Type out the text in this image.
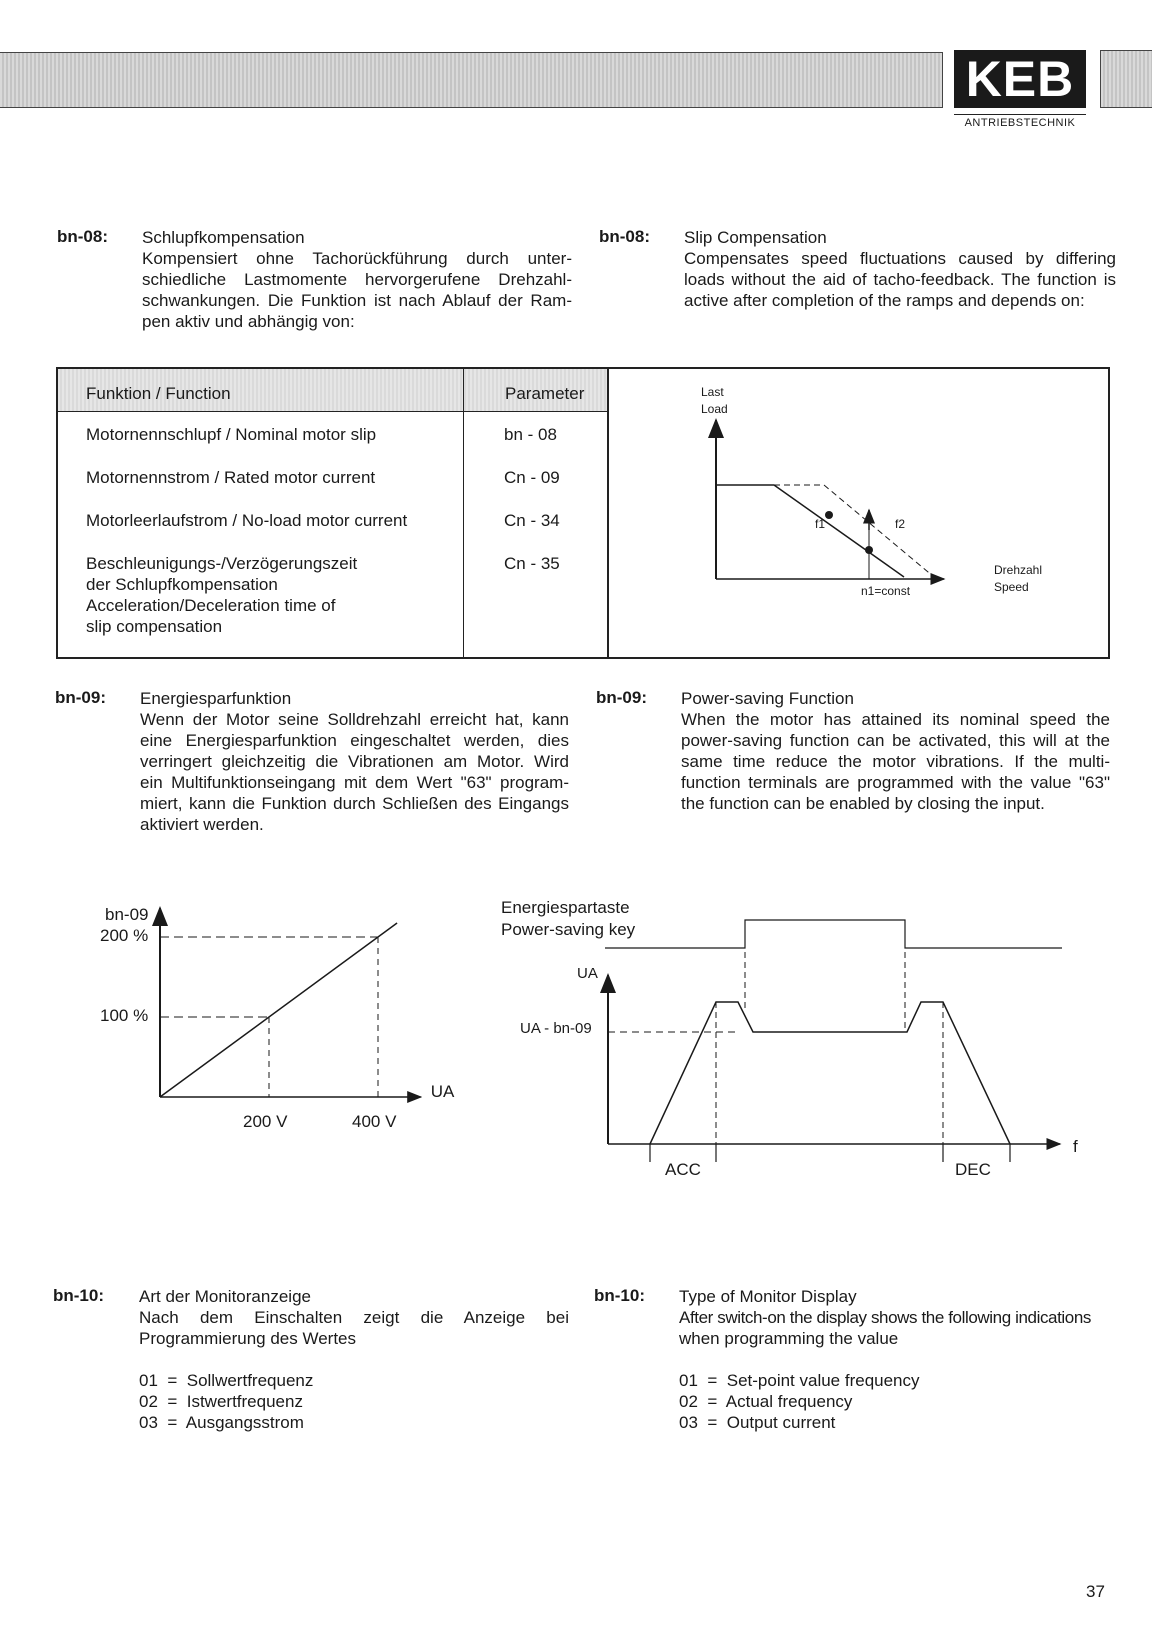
KEB
ANTRIEBSTECHNIK
bn-08: Schlupfkompensation
Kompensiert ohne Tachorückführung durch unter-
schiedliche Lastmomente hervorgerufene Drehzahl-
schwankungen. Die Funktion ist nach Ablauf der Ram-
pen aktiv und abhängig von:
bn-08: Slip Compensation
Compensates speed fluctuations caused by differing
loads without the aid of tacho-feedback. The function is
active after completion of the ramps and depends on:
Funktion / Function	Parameter
Motornennschlupf / Nominal motor slip	bn - 08
Motornennstrom / Rated motor current	Cn - 09
Motorleerlaufstrom / No-load motor current	Cn - 34
Beschleunigungs-/Verzögerungszeit
der Schlupfkompensation
Acceleration/Deceleration time of
slip compensation
Cn - 35
Last
Load
f1	f2
n1=const
Drehzahl
Speed
bn-09: Energiesparfunktion
Wenn der Motor seine Solldrehzahl erreicht hat, kann
eine Energiesparfunktion eingeschaltet werden, dies
verringert gleichzeitig die Vibrationen am Motor. Wird
ein Multifunktionseingang mit dem Wert "63" program-
miert, kann die Funktion durch Schließen des Eingangs
aktiviert werden.
bn-09: Power-saving Function
When the motor has attained its nominal speed the
power-saving function can be activated, this will at the
same time reduce the motor vibrations. If the multi-
function terminals are programmed with the value "63"
the function can be enabled by closing the input.
bn-09
UA
200 V
100 %
400 V
200 %
Energiespartaste
Power-saving key
UA
UA - bn-09
f
ACC	DEC
bn-10: Art der Monitoranzeige
Nach dem Einschalten zeigt die Anzeige bei
Programmierung des Wertes
01  =  Sollwertfrequenz
02  =  Istwertfrequenz
03  =  Ausgangsstrom
bn-10: Type of Monitor Display
After switch-on the display shows the following indications
when programming the value
01  =  Set-point value frequency
02  =  Actual frequency
03  =  Output current
37
